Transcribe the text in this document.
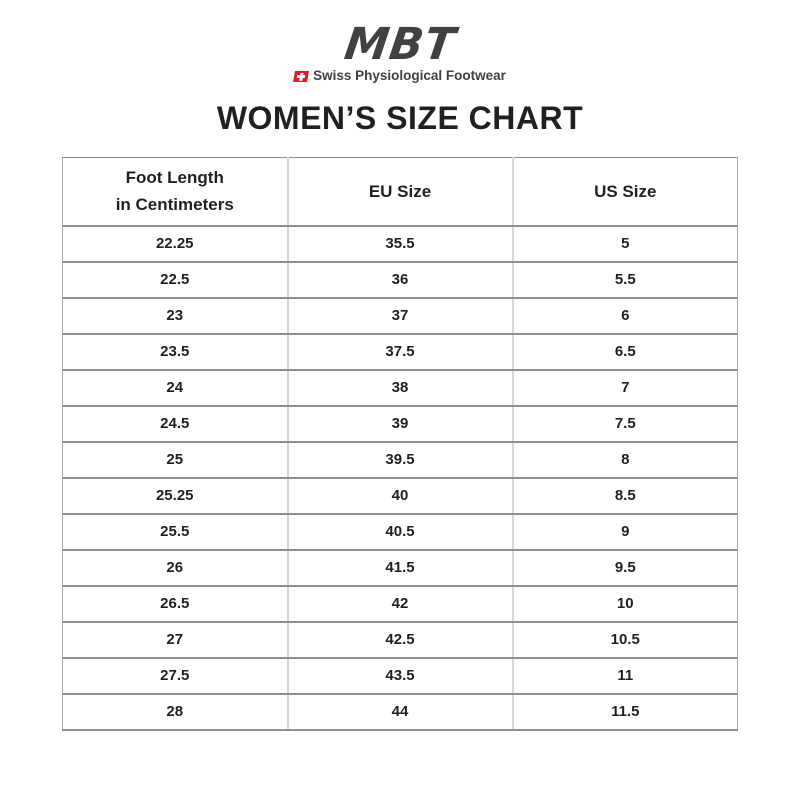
MBT
Swiss Physiological Footwear
WOMEN’S SIZE CHART
Foot Length
in Centimeters	EU Size	US Size
22.25	35.5	5
22.5	36	5.5
23	37	6
23.5	37.5	6.5
24	38	7
24.5	39	7.5
25	39.5	8
25.25	40	8.5
25.5	40.5	9
26	41.5	9.5
26.5	42	10
27	42.5	10.5
27.5	43.5	11
28	44	11.5
